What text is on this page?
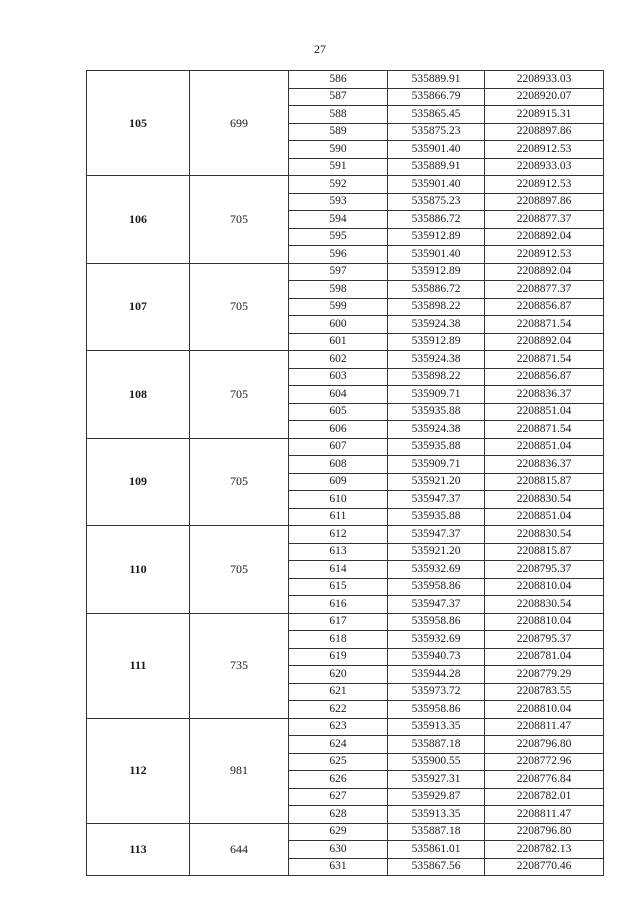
27
105	699	586	535889.91	2208933.03
		587	535866.79	2208920.07
		588	535865.45	2208915.31
		589	535875.23	2208897.86
		590	535901.40	2208912.53
		591	535889.91	2208933.03
106	705	592	535901.40	2208912.53
		593	535875.23	2208897.86
		594	535886.72	2208877.37
		595	535912.89	2208892.04
		596	535901.40	2208912.53
107	705	597	535912.89	2208892.04
		598	535886.72	2208877.37
		599	535898.22	2208856.87
		600	535924.38	2208871.54
		601	535912.89	2208892.04
108	705	602	535924.38	2208871.54
		603	535898.22	2208856.87
		604	535909.71	2208836.37
		605	535935.88	2208851.04
		606	535924.38	2208871.54
109	705	607	535935.88	2208851.04
		608	535909.71	2208836.37
		609	535921.20	2208815.87
		610	535947.37	2208830.54
		611	535935.88	2208851.04
110	705	612	535947.37	2208830.54
		613	535921.20	2208815.87
		614	535932.69	2208795.37
		615	535958.86	2208810.04
		616	535947.37	2208830.54
111	735	617	535958.86	2208810.04
		618	535932.69	2208795.37
		619	535940.73	2208781.04
		620	535944.28	2208779.29
		621	535973.72	2208783.55
		622	535958.86	2208810.04
112	981	623	535913.35	2208811.47
		624	535887.18	2208796.80
		625	535900.55	2208772.96
		626	535927.31	2208776.84
		627	535929.87	2208782.01
		628	535913.35	2208811.47
113	644	629	535887.18	2208796.80
		630	535861.01	2208782.13
		631	535867.56	2208770.46
